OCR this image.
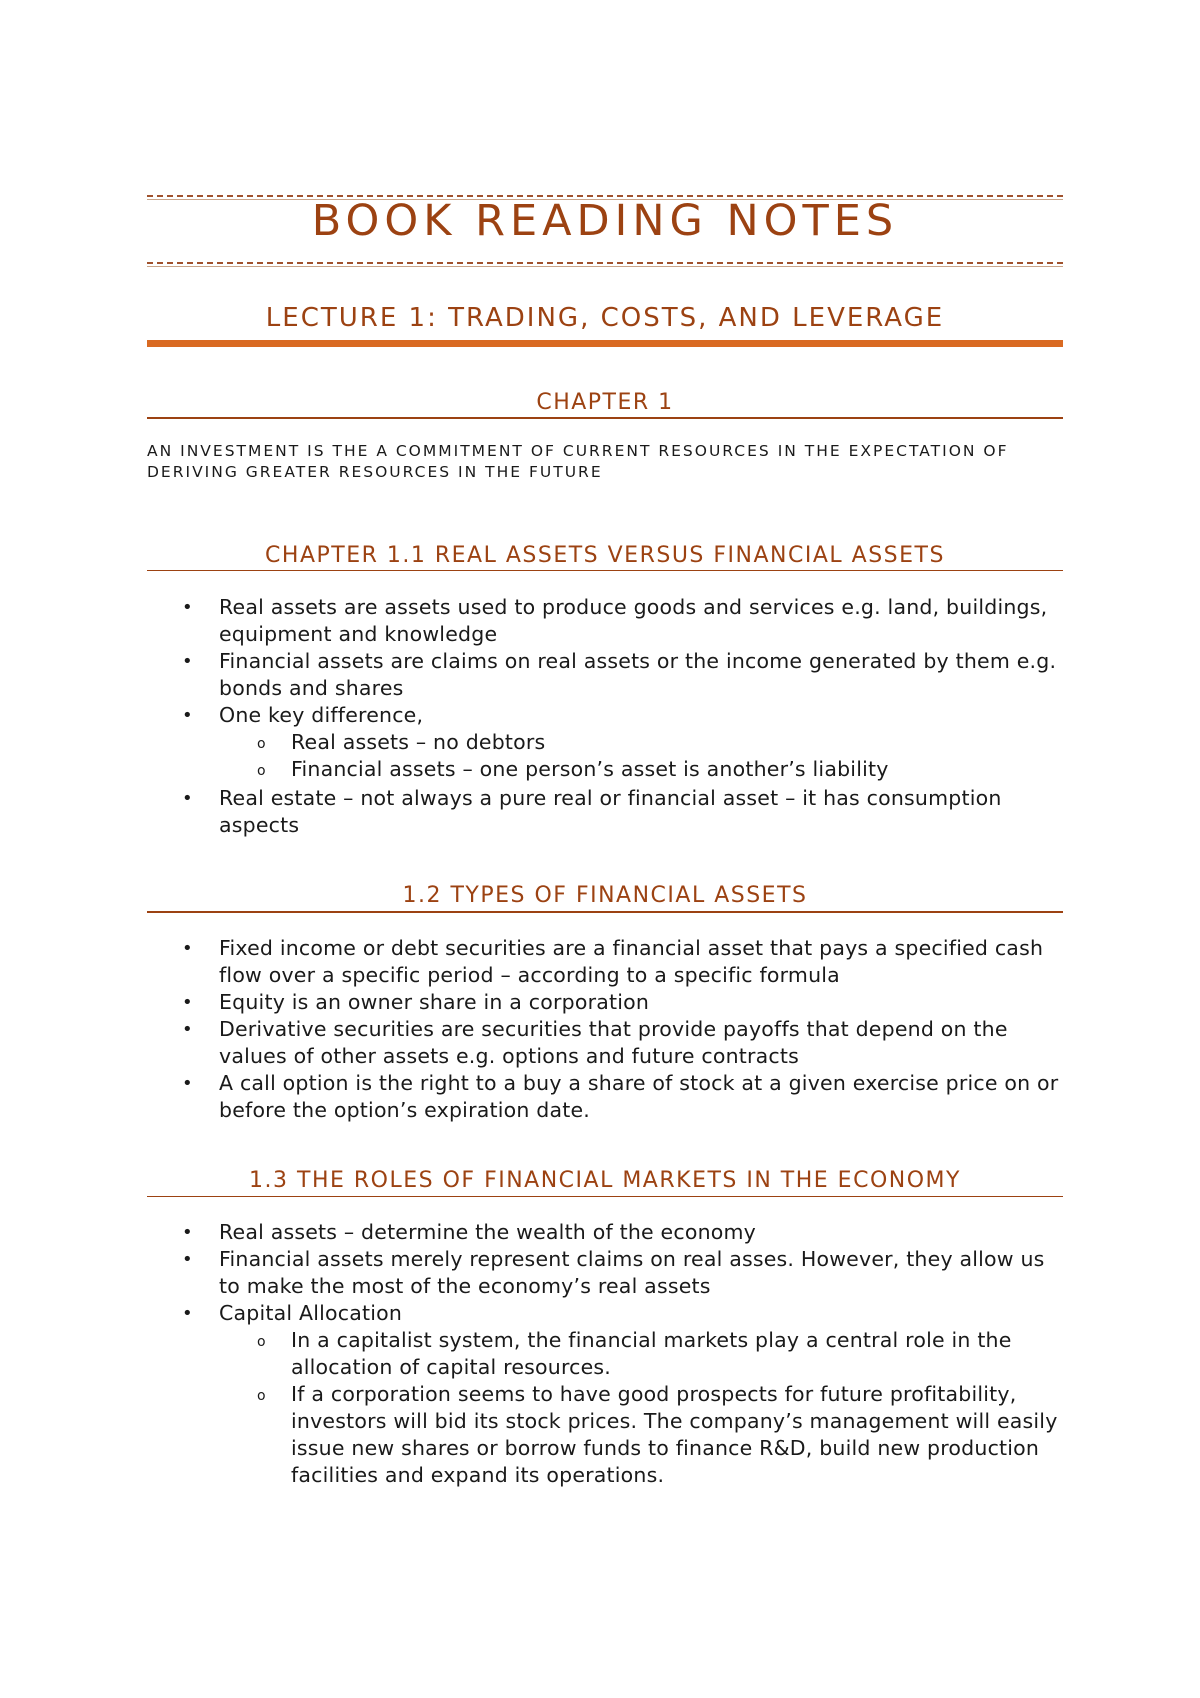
BOOK READING NOTES
LECTURE 1: TRADING, COSTS, AND LEVERAGE
CHAPTER 1
AN INVESTMENT IS THE A COMMITMENT OF CURRENT RESOURCES IN THE EXPECTATION OF DERIVING GREATER RESOURCES IN THE FUTURE
CHAPTER 1.1 REAL ASSETS VERSUS FINANCIAL ASSETS
• Real assets are assets used to produce goods and services e.g. land, buildings, equipment and knowledge
• Financial assets are claims on real assets or the income generated by them e.g. bonds and shares
• One key difference,
o Real assets – no debtors
o Financial assets – one person’s asset is another’s liability
• Real estate – not always a pure real or financial asset – it has consumption aspects
1.2 TYPES OF FINANCIAL ASSETS
• Fixed income or debt securities are a financial asset that pays a specified cash flow over a specific period – according to a specific formula
• Equity is an owner share in a corporation
• Derivative securities are securities that provide payoffs that depend on the values of other assets e.g. options and future contracts
• A call option is the right to a buy a share of stock at a given exercise price on or before the option’s expiration date.
1.3 THE ROLES OF FINANCIAL MARKETS IN THE ECONOMY
• Real assets – determine the wealth of the economy
• Financial assets merely represent claims on real asses. However, they allow us to make the most of the economy’s real assets
• Capital Allocation
o In a capitalist system, the financial markets play a central role in the allocation of capital resources.
o If a corporation seems to have good prospects for future profitability, investors will bid its stock prices. The company’s management will easily issue new shares or borrow funds to finance R&D, build new production facilities and expand its operations.
